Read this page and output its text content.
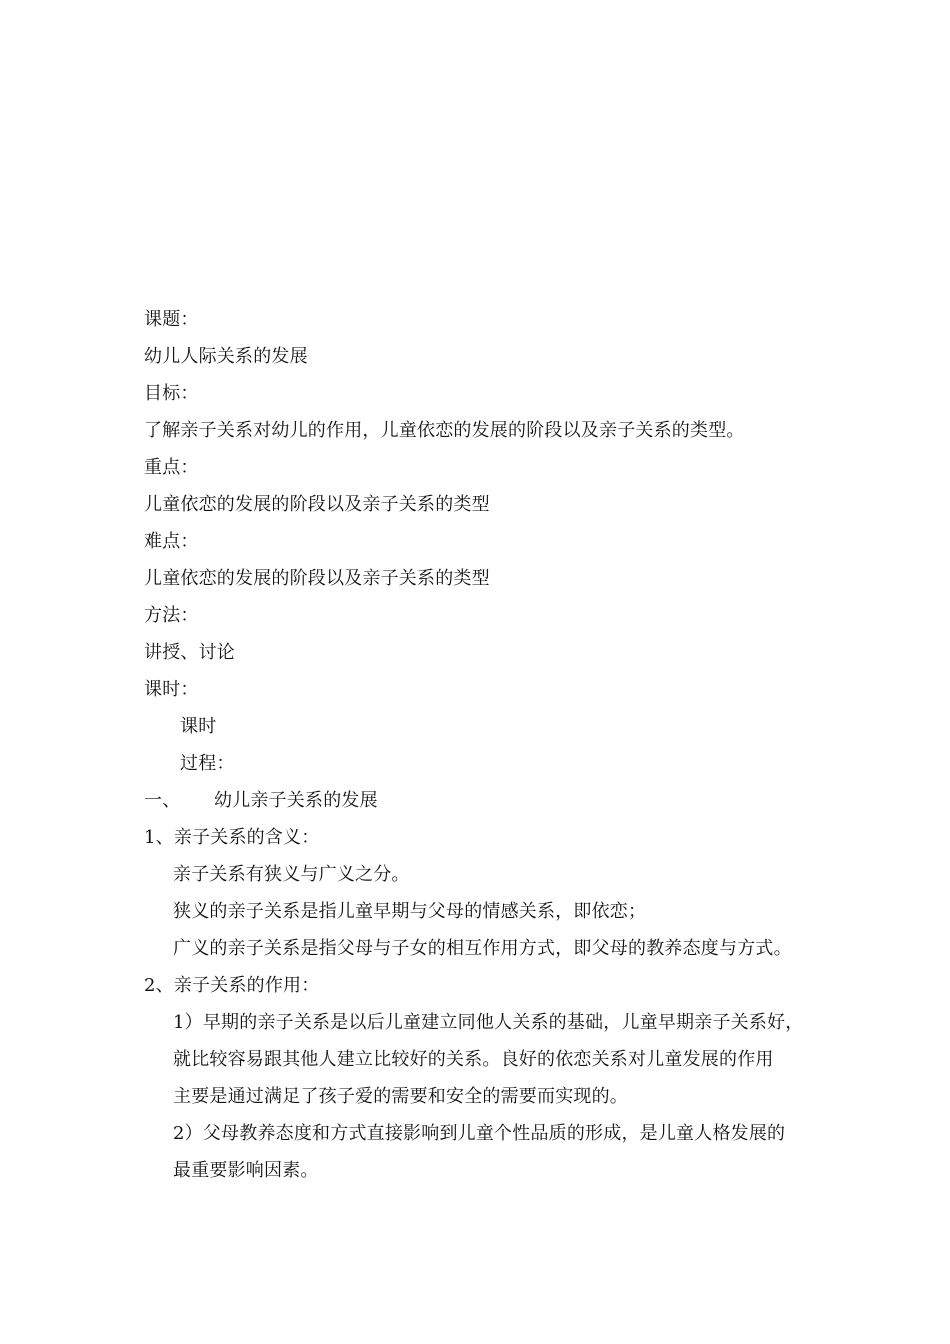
课题：
幼儿人际关系的发展
目标：
了解亲子关系对幼儿的作用，儿童依恋的发展的阶段以及亲子关系的类型。
重点：
儿童依恋的发展的阶段以及亲子关系的类型
难点：
儿童依恋的发展的阶段以及亲子关系的类型
方法：
讲授、讨论
课时：
课时
过程：
一、 幼儿亲子关系的发展
1、亲子关系的含义：
亲子关系有狭义与广义之分。
狭义的亲子关系是指儿童早期与父母的情感关系，即依恋；
广义的亲子关系是指父母与子女的相互作用方式，即父母的教养态度与方式。
2、亲子关系的作用：
1）早期的亲子关系是以后儿童建立同他人关系的基础，儿童早期亲子关系好，
就比较容易跟其他人建立比较好的关系。良好的依恋关系对儿童发展的作用
主要是通过满足了孩子爱的需要和安全的需要而实现的。
2）父母教养态度和方式直接影响到儿童个性品质的形成，是儿童人格发展的
最重要影响因素。
